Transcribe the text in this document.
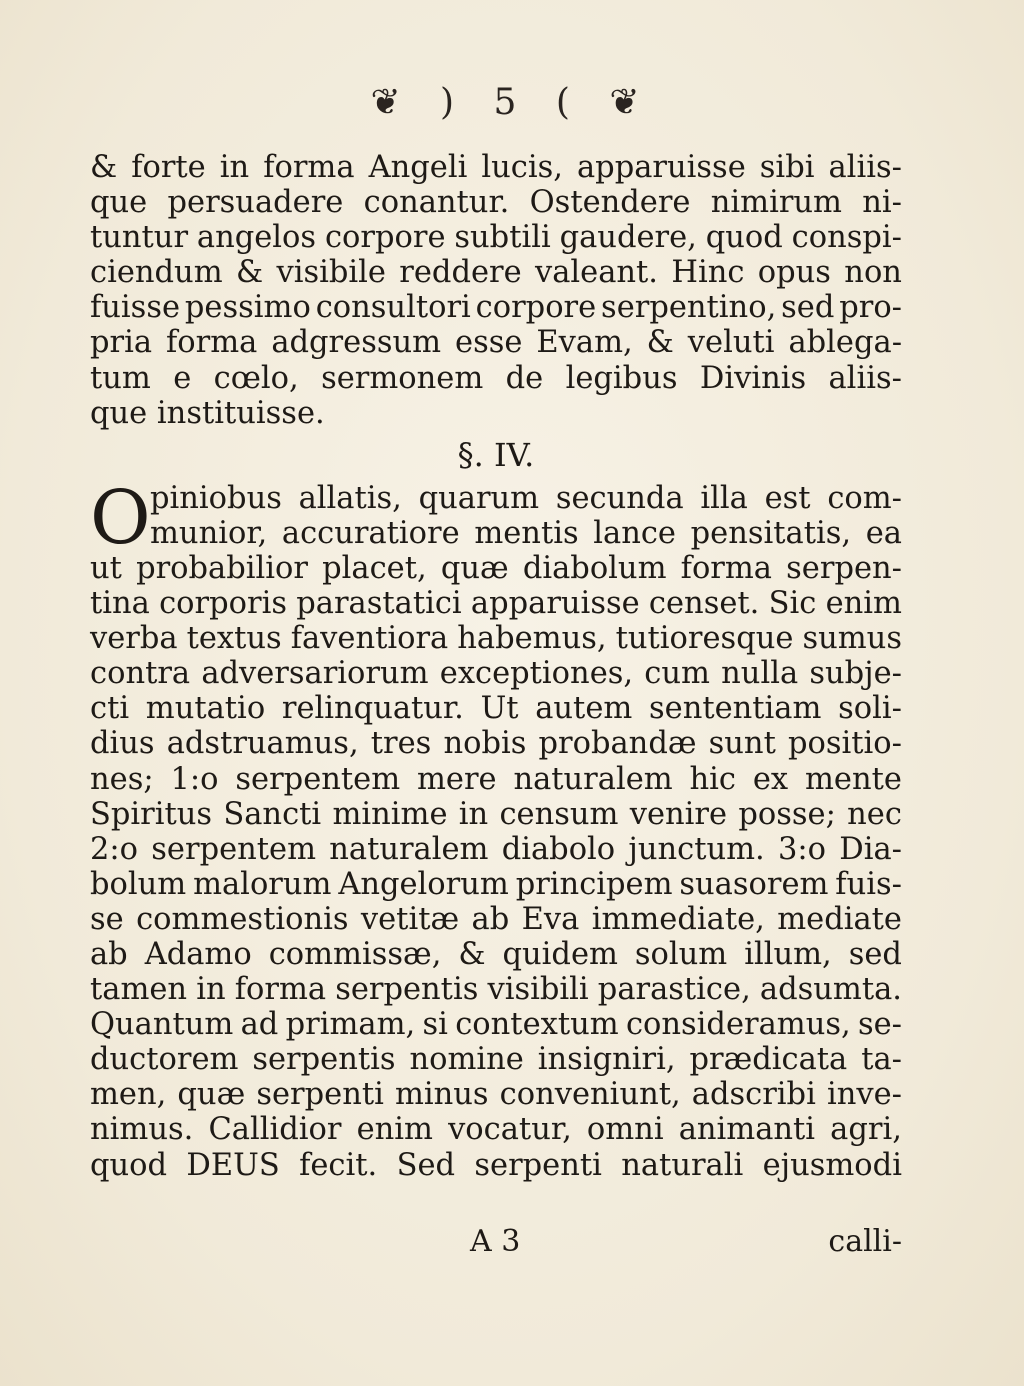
❦ ) 5 ( ❦
& forte in forma Angeli lucis, apparuisse sibi aliis-
que persuadere conantur. Ostendere nimirum ni-
tuntur angelos corpore subtili gaudere, quod conspi-
ciendum & visibile reddere valeant. Hinc opus non
fuisse pessimo consultori corpore serpentino, sed pro-
pria forma adgressum esse Evam, & veluti ablega-
tum e cœlo, sermonem de legibus Divinis aliis-
que instituisse.
§. IV.
O piniobus allatis, quarum secunda illa est com-
munior, accuratiore mentis lance pensitatis, ea
ut probabilior placet, quæ diabolum forma serpen-
tina corporis parastatici apparuisse censet. Sic enim
verba textus faventiora habemus, tutioresque sumus
contra adversariorum exceptiones, cum nulla subje-
cti mutatio relinquatur. Ut autem sententiam soli-
dius adstruamus, tres nobis probandæ sunt positio-
nes; 1:o serpentem mere naturalem hic ex mente
Spiritus Sancti minime in censum venire posse; nec
2:o serpentem naturalem diabolo junctum. 3:o Dia-
bolum malorum Angelorum principem suasorem fuis-
se commestionis vetitæ ab Eva immediate, mediate
ab Adamo commissæ, & quidem solum illum, sed
tamen in forma serpentis visibili parastice, adsumta.
Quantum ad primam, si contextum consideramus, se-
ductorem serpentis nomine insigniri, prædicata ta-
men, quæ serpenti minus conveniunt, adscribi inve-
nimus. Callidior enim vocatur, omni animanti agri,
quod DEUS fecit. Sed serpenti naturali ejusmodi
A 3	calli-
